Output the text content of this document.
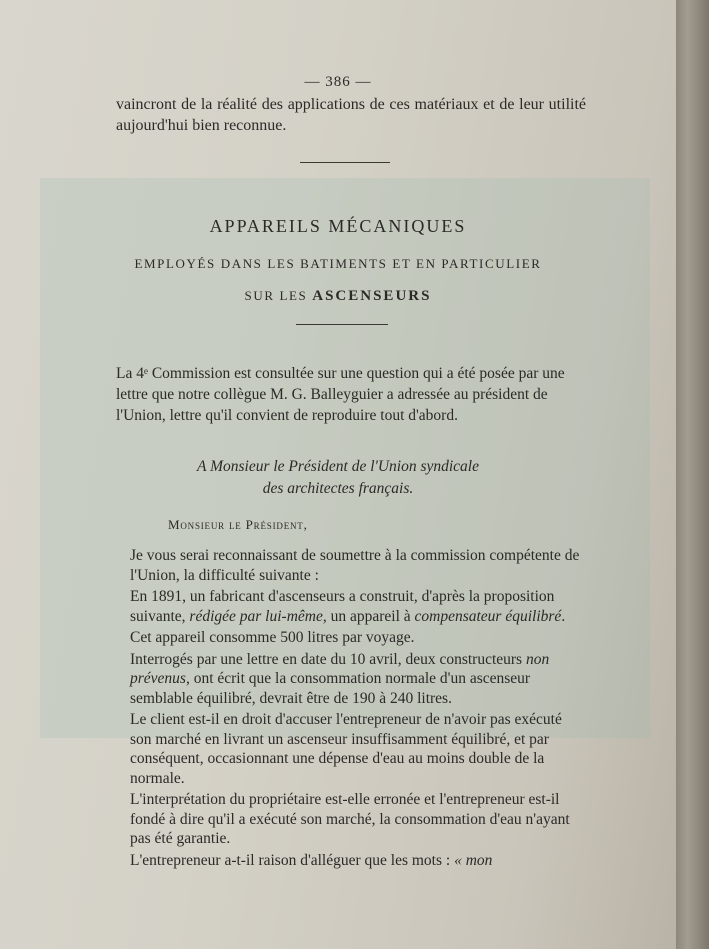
— 386 —
vaincront de la réalité des applications de ces matériaux et de leur utilité aujourd'hui bien reconnue.
APPAREILS MÉCANIQUES
EMPLOYÉS DANS LES BATIMENTS ET EN PARTICULIER
SUR LES ASCENSEURS
La 4ᵉ Commission est consultée sur une question qui a été posée par une lettre que notre collègue M. G. Balleyguier a adressée au président de l'Union, lettre qu'il convient de reproduire tout d'abord.
A Monsieur le Président de l'Union syndicale
des architectes français.
Monsieur le Président,

Je vous serai reconnaissant de soumettre à la commission compétente de l'Union, la difficulté suivante :

En 1891, un fabricant d'ascenseurs a construit, d'après la proposition suivante, rédigée par lui-même, un appareil à compensateur équilibré.

Cet appareil consomme 500 litres par voyage.

Interrogés par une lettre en date du 10 avril, deux constructeurs non prévenus, ont écrit que la consommation normale d'un ascenseur semblable équilibré, devrait être de 190 à 240 litres.

Le client est-il en droit d'accuser l'entrepreneur de n'avoir pas exécuté son marché en livrant un ascenseur insuffisamment équilibré, et par conséquent, occasionnant une dépense d'eau au moins double de la normale.

L'interprétation du propriétaire est-elle erronée et l'entrepreneur est-il fondé à dire qu'il a exécuté son marché, la consommation d'eau n'ayant pas été garantie.

L'entrepreneur a-t-il raison d'alléguer que les mots : « mon
